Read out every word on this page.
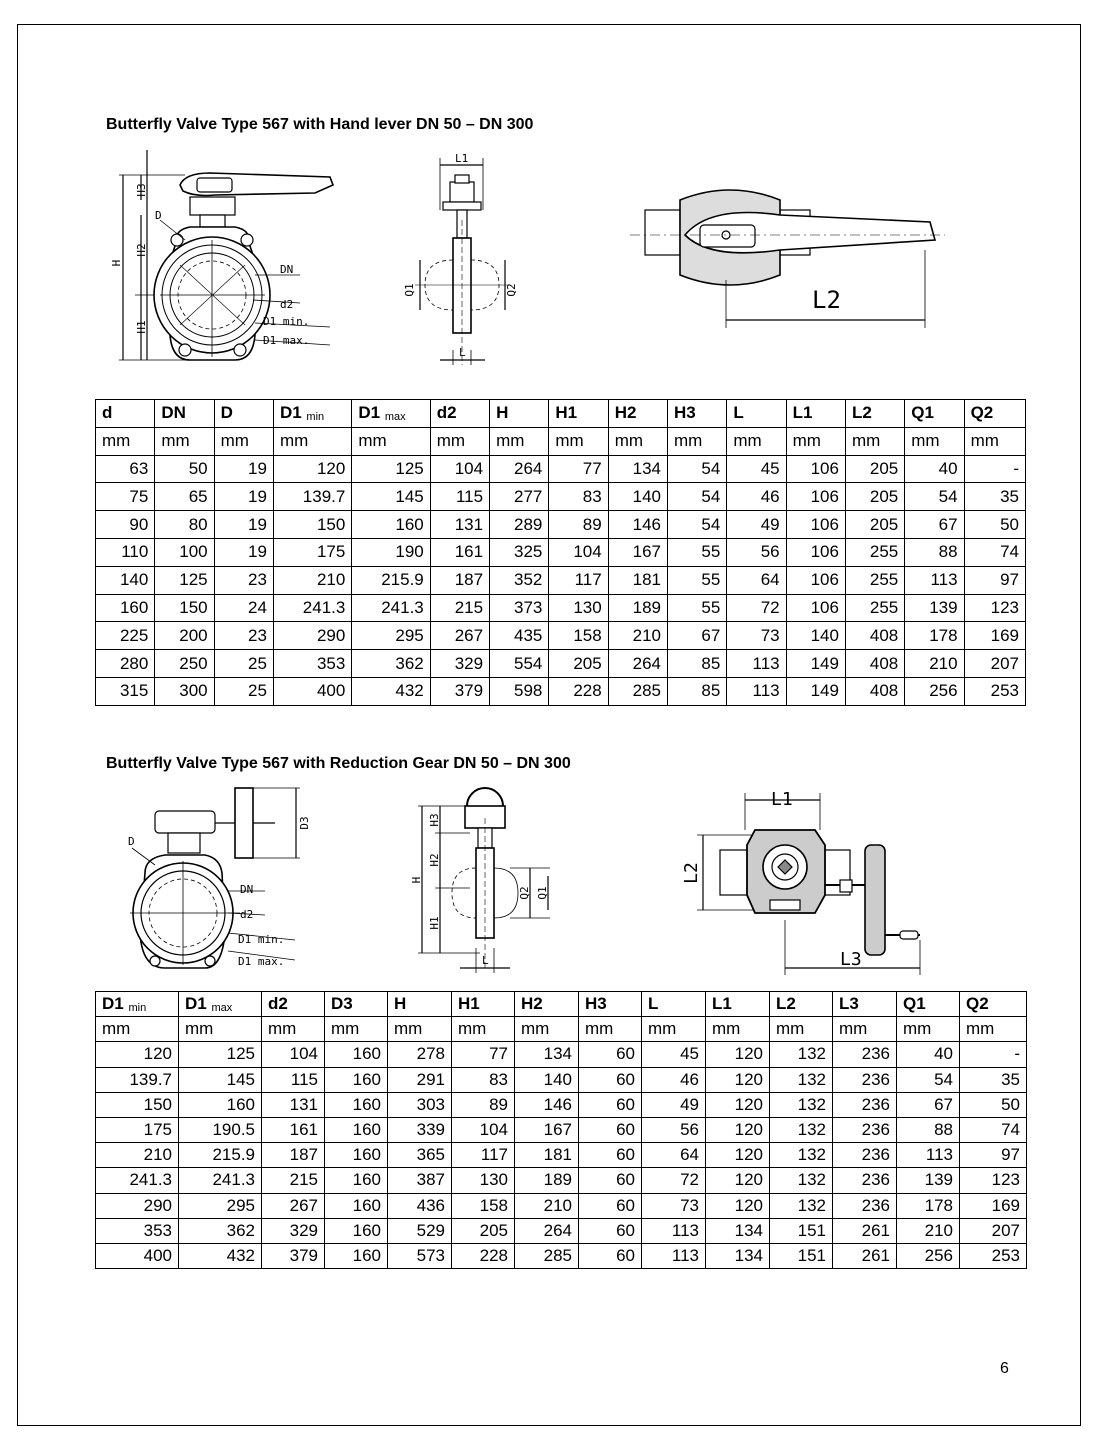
Butterfly Valve Type 567 with Hand lever DN 50 – DN 300
H3
H2
H
H1
D
DN
d2
D1 min.
D1 max.
L1
Q1	Q2
L
L2
d	DN	D	D1 $_{min}$	D1 $_{max}$	d2	H	H1	H2	H3	L	L1	L2	Q1	Q2
mm	mm	mm	mm	mm	mm	mm	mm	mm	mm	mm	mm	mm	mm	mm
63	50	19	120	125	104	264	77	134	54	45	106	205	40	-
75	65	19	139.7	145	115	277	83	140	54	46	106	205	54	35
90	80	19	150	160	131	289	89	146	54	49	106	205	67	50
110	100	19	175	190	161	325	104	167	55	56	106	255	88	74
140	125	23	210	215.9	187	352	117	181	55	64	106	255	113	97
160	150	24	241.3	241.3	215	373	130	189	55	72	106	255	139	123
225	200	23	290	295	267	435	158	210	67	73	140	408	178	169
280	250	25	353	362	329	554	205	264	85	113	149	408	210	207
315	300	25	400	432	379	598	228	285	85	113	149	408	256	253
Butterfly Valve Type 567 with Reduction Gear DN 50 – DN 300
D3
D
DN
d2
D1 min.
D1 max.
H3
H2
H
H1
Q2 Q1
L
L1
L2
L3
D1 $_{min}$	D1 $_{max}$	d2	D3	H	H1	H2	H3	L	L1	L2	L3	Q1	Q2
mm	mm	mm	mm	mm	mm	mm	mm	mm	mm	mm	mm	mm	mm
120	125	104	160	278	77	134	60	45	120	132	236	40	-
139.7	145	115	160	291	83	140	60	46	120	132	236	54	35
150	160	131	160	303	89	146	60	49	120	132	236	67	50
175	190.5	161	160	339	104	167	60	56	120	132	236	88	74
210	215.9	187	160	365	117	181	60	64	120	132	236	113	97
241.3	241.3	215	160	387	130	189	60	72	120	132	236	139	123
290	295	267	160	436	158	210	60	73	120	132	236	178	169
353	362	329	160	529	205	264	60	113	134	151	261	210	207
400	432	379	160	573	228	285	60	113	134	151	261	256	253
6
